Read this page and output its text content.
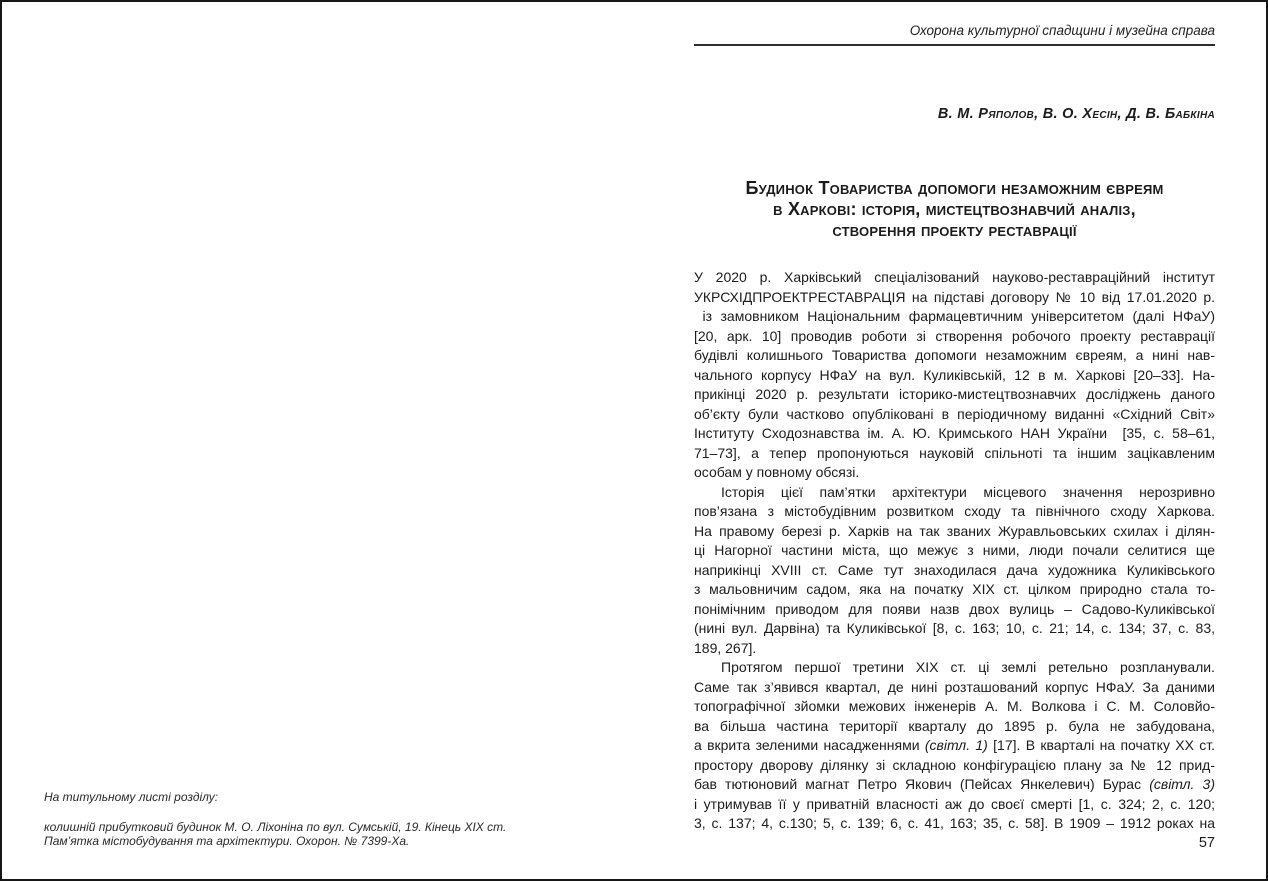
Охорона культурної спадщини і музейна справа
В. М. Ряполов, В. О. Хесін, Д. В. Бабкіна
Будинок Товариства допомоги незаможним євреям
в Харкові: історія, мистецтвознавчий аналіз,
створення проекту реставрації
У 2020 р. Харківський спеціалізований науково-реставраційний інститут
УКРСХІДПРОЕКТРЕСТАВРАЦІЯ на підставі договору № 10 від 17.01.2020 р.
із замовником Національним фармацевтичним університетом (далі НФаУ)
[20, арк. 10] проводив роботи зі створення робочого проекту реставрації
будівлі колишнього Товариства допомоги незаможним євреям, а нині нав-
чального корпусу НФаУ на вул. Куликівській, 12 в м. Харкові [20–33]. На-
прикінці 2020 р. результати історико-мистецтвознавчих досліджень даного
об’єкту були частково опубліковані в періодичному виданні «Східний Світ»
Інституту Сходознавства ім. А. Ю. Кримського НАН України  [35, с. 58–61,
71–73], а тепер пропонуються науковій спільноті та іншим зацікавленим
особам у повному обсязі.
Історія цієї пам’ятки архітектури місцевого значення нерозривно
пов’язана з містобудівним розвитком сходу та північного сходу Харкова.
На правому березі р. Харків на так званих Журавльовських схилах і ділян-
ці Нагорної частини міста, що межує з ними, люди почали селитися ще
наприкінці XVIII ст. Саме тут знаходилася дача художника Куликівського
з мальовничим садом, яка на початку XIX ст. цілком природно стала то-
понімічним приводом для появи назв двох вулиць – Садово-Куликівської
(нині вул. Дарвіна) та Куликівської [8, с. 163; 10, с. 21; 14, с. 134; 37, с. 83,
189, 267].
Протягом першої третини XIX ст. ці землі ретельно розпланували.
Саме так з’явився квартал, де нині розташований корпус НФаУ. За даними
топографічної зйомки межових інженерів А. М. Волкова і С. М. Соловйо-
ва більша частина території кварталу до 1895 р. була не забудована,
а вкрита зеленими насадженнями (світл. 1) [17]. В кварталі на початку XX ст.
простору дворову ділянку зі складною конфігурацією плану за № 12 прид-
бав тютюновий магнат Петро Якович (Пейсах Янкелевич) Бурас (світл. 3)
і утримував її у приватній власності аж до своєї смерті [1, с. 324; 2, с. 120;
3, с. 137; 4, с.130; 5, с. 139; 6, с. 41, 163; 35, с. 58]. В 1909 – 1912 роках на
На титульному листі розділу:
колишній прибутковий будинок М. О. Ліхоніна по вул. Сумській, 19. Кінець XIX ст.
Пам’ятка містобудування та архітектури. Охорон. № 7399-Ха.	57
